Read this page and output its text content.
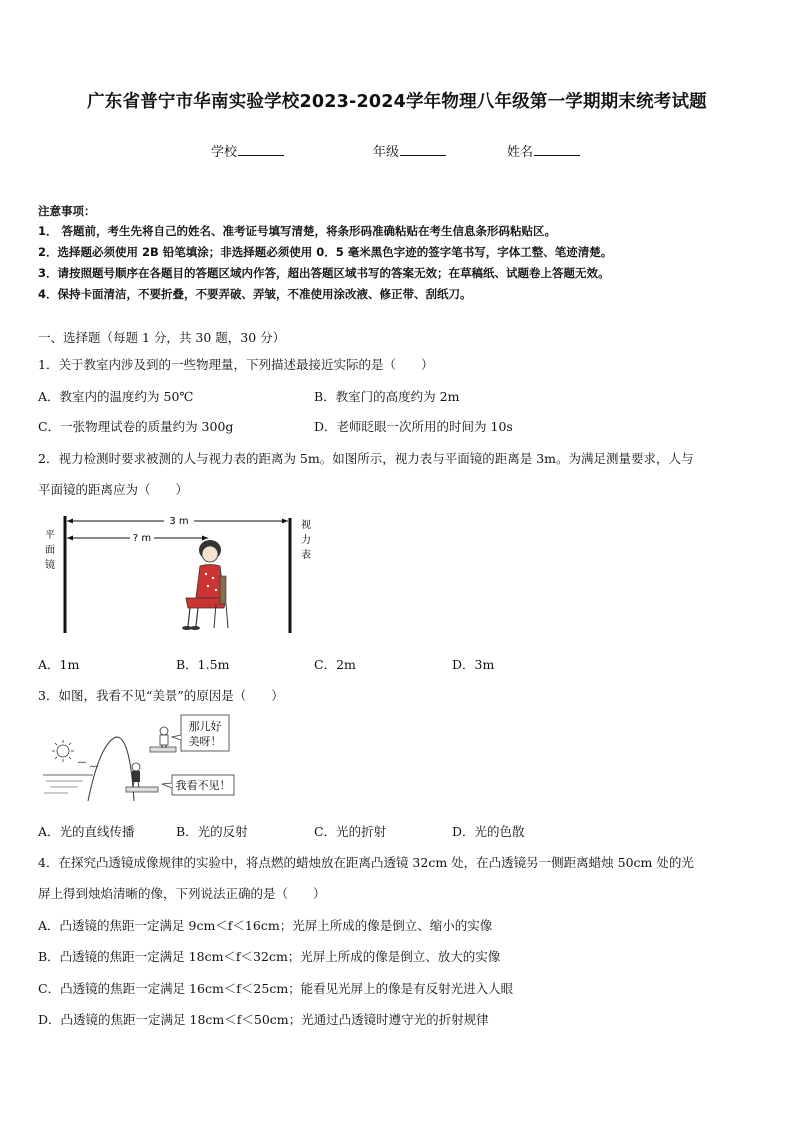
广东省普宁市华南实验学校2023-2024学年物理八年级第一学期期末统考试题
学校	年级	姓名
注意事项：
1． 答题前，考生先将自己的姓名、准考证号填写清楚，将条形码准确粘贴在考生信息条形码粘贴区。
2．选择题必须使用 2B 铅笔填涂；非选择题必须使用 0．5 毫米黑色字迹的签字笔书写，字体工整、笔迹清楚。
3．请按照题号顺序在各题目的答题区域内作答，超出答题区域书写的答案无效；在草稿纸、试题卷上答题无效。
4．保持卡面清洁，不要折叠，不要弄破、弄皱，不准使用涂改液、修正带、刮纸刀。
一、选择题（每题 1 分，共 30 题，30 分）
1．关于教室内涉及到的一些物理量，下列描述最接近实际的是（　　）
A．教室内的温度约为 50℃	B．教室门的高度约为 2m
C．一张物理试卷的质量约为 300g	D．老师眨眼一次所用的时间为 10s
2．视力检测时要求被测的人与视力表的距离为 5m。如图所示，视力表与平面镜的距离是 3m。为满足测量要求，人与
平面镜的距离应为（　　）
3 m
? m
平
面
镜
视
力
表
A．1m	B．1.5m	C．2m	D．3m
3．如图，我看不见“美景”的原因是（　　）
那儿好
美呀！
我看不见！
A．光的直线传播	B．光的反射	C．光的折射	D．光的色散
4．在探究凸透镜成像规律的实验中，将点燃的蜡烛放在距离凸透镜 32cm 处，在凸透镜另一侧距离蜡烛 50cm 处的光
屏上得到烛焰清晰的像，下列说法正确的是（　　）
A．凸透镜的焦距一定满足 9cm＜f＜16cm；光屏上所成的像是倒立、缩小的实像
B．凸透镜的焦距一定满足 18cm＜f＜32cm；光屏上所成的像是倒立、放大的实像
C．凸透镜的焦距一定满足 16cm＜f＜25cm；能看见光屏上的像是有反射光进入人眼
D．凸透镜的焦距一定满足 18cm＜f＜50cm；光通过凸透镜时遵守光的折射规律
